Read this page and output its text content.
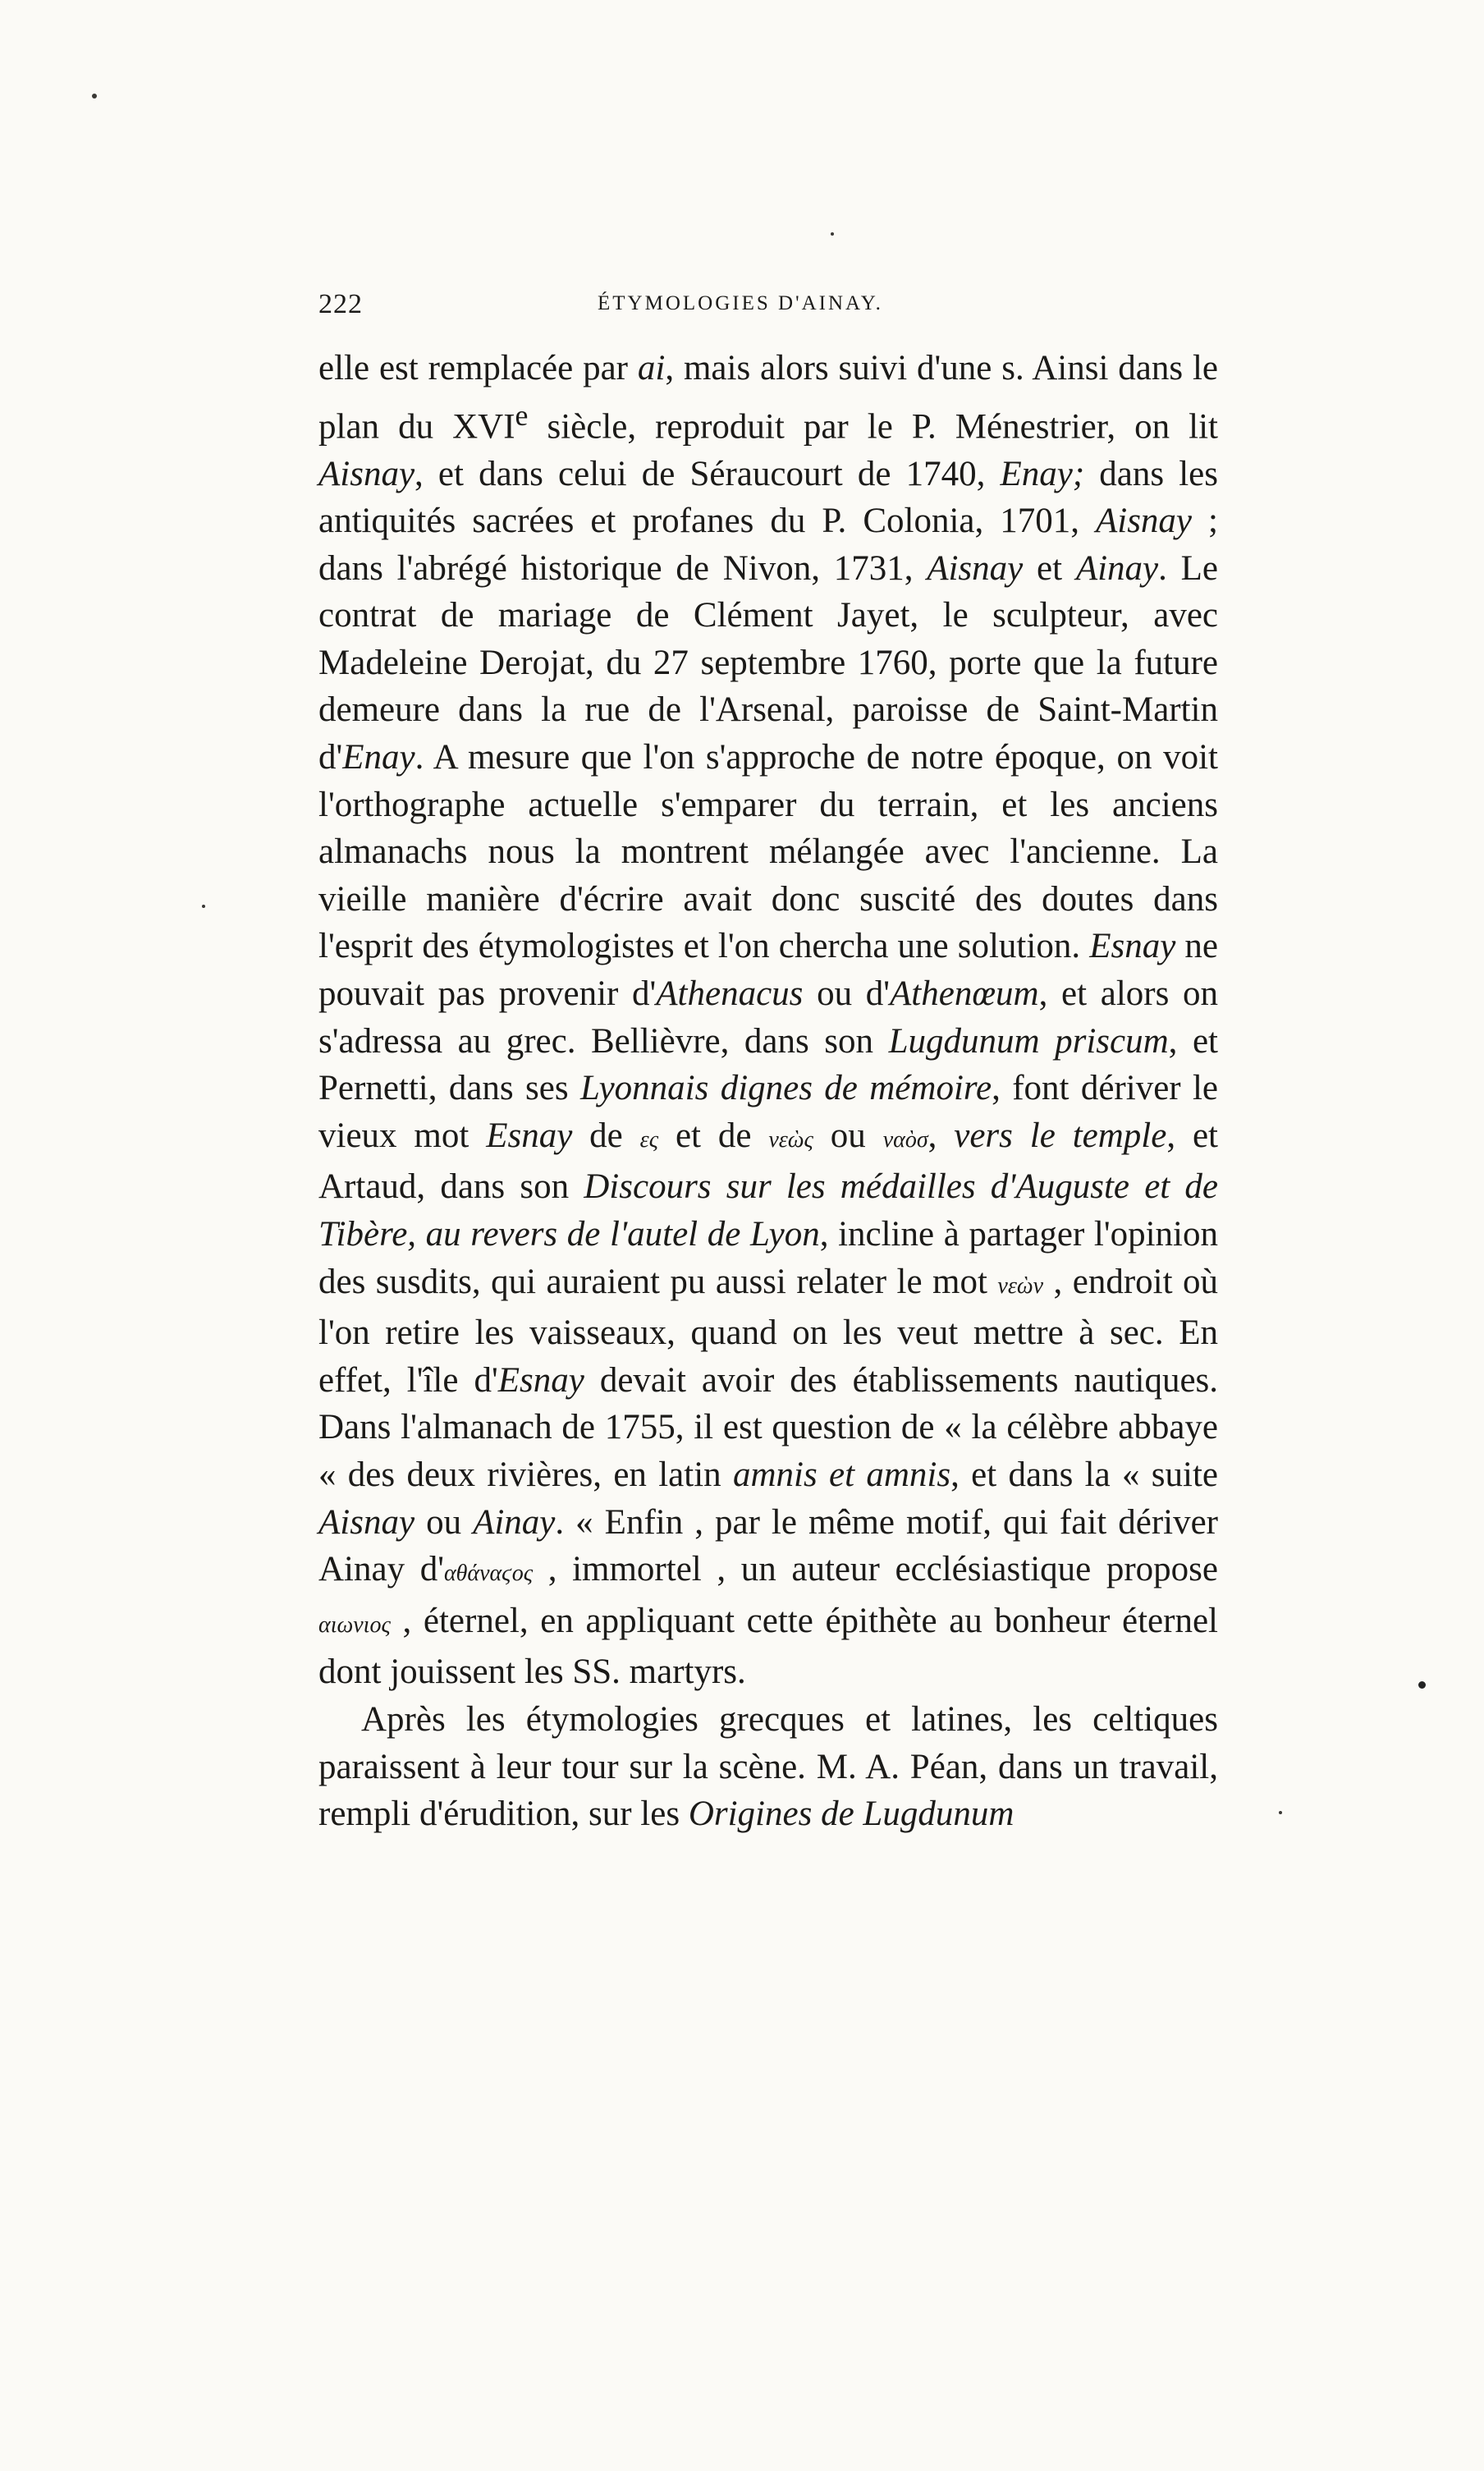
222	ÉTYMOLOGIES D'AINAY.

elle est remplacée par ai, mais alors suivi d'une s. Ainsi dans le plan du XVIe siècle, reproduit par le P. Ménestrier, on lit Aisnay, et dans celui de Séraucourt de 1740, Enay; dans les antiquités sacrées et profanes du P. Colonia, 1701, Aisnay ; dans l'abrégé historique de Nivon, 1731, Aisnay et Ainay. Le contrat de mariage de Clément Jayet, le sculpteur, avec Madeleine Derojat, du 27 septembre 1760, porte que la future demeure dans la rue de l'Arsenal, paroisse de Saint-Martin d'Enay. A mesure que l'on s'approche de notre époque, on voit l'orthographe actuelle s'emparer du terrain, et les anciens almanachs nous la montrent mélangée avec l'ancienne. La vieille manière d'écrire avait donc suscité des doutes dans l'esprit des étymologistes et l'on chercha une solution. Esnay ne pouvait pas provenir d'Athenacus ou d'Athenœum, et alors on s'adressa au grec. Bellièvre, dans son Lugdunum priscum, et Pernetti, dans ses Lyonnais dignes de mémoire, font dériver le vieux mot Esnay de ες et de νεὼς ou ναὸσ, vers le temple, et Artaud, dans son Discours sur les médailles d'Auguste et de Tibère, au revers de l'autel de Lyon, incline à partager l'opinion des susdits, qui auraient pu aussi relater le mot νεὼν , endroit où l'on retire les vaisseaux, quand on les veut mettre à sec. En effet, l'île d'Esnay devait avoir des établissements nautiques. Dans l'almanach de 1755, il est question de « la célèbre abbaye « des deux rivières, en latin amnis et amnis, et dans la « suite Aisnay ou Ainay. « Enfin , par le même motif, qui fait dériver Ainay d'αθάναϛος , immortel , un auteur ecclésiastique propose αιωνιος , éternel, en appliquant cette épithète au bonheur éternel dont jouissent les SS. martyrs.

Après les étymologies grecques et latines, les celtiques paraissent à leur tour sur la scène. M. A. Péan, dans un travail, rempli d'érudition, sur les Origines de Lugdunum
